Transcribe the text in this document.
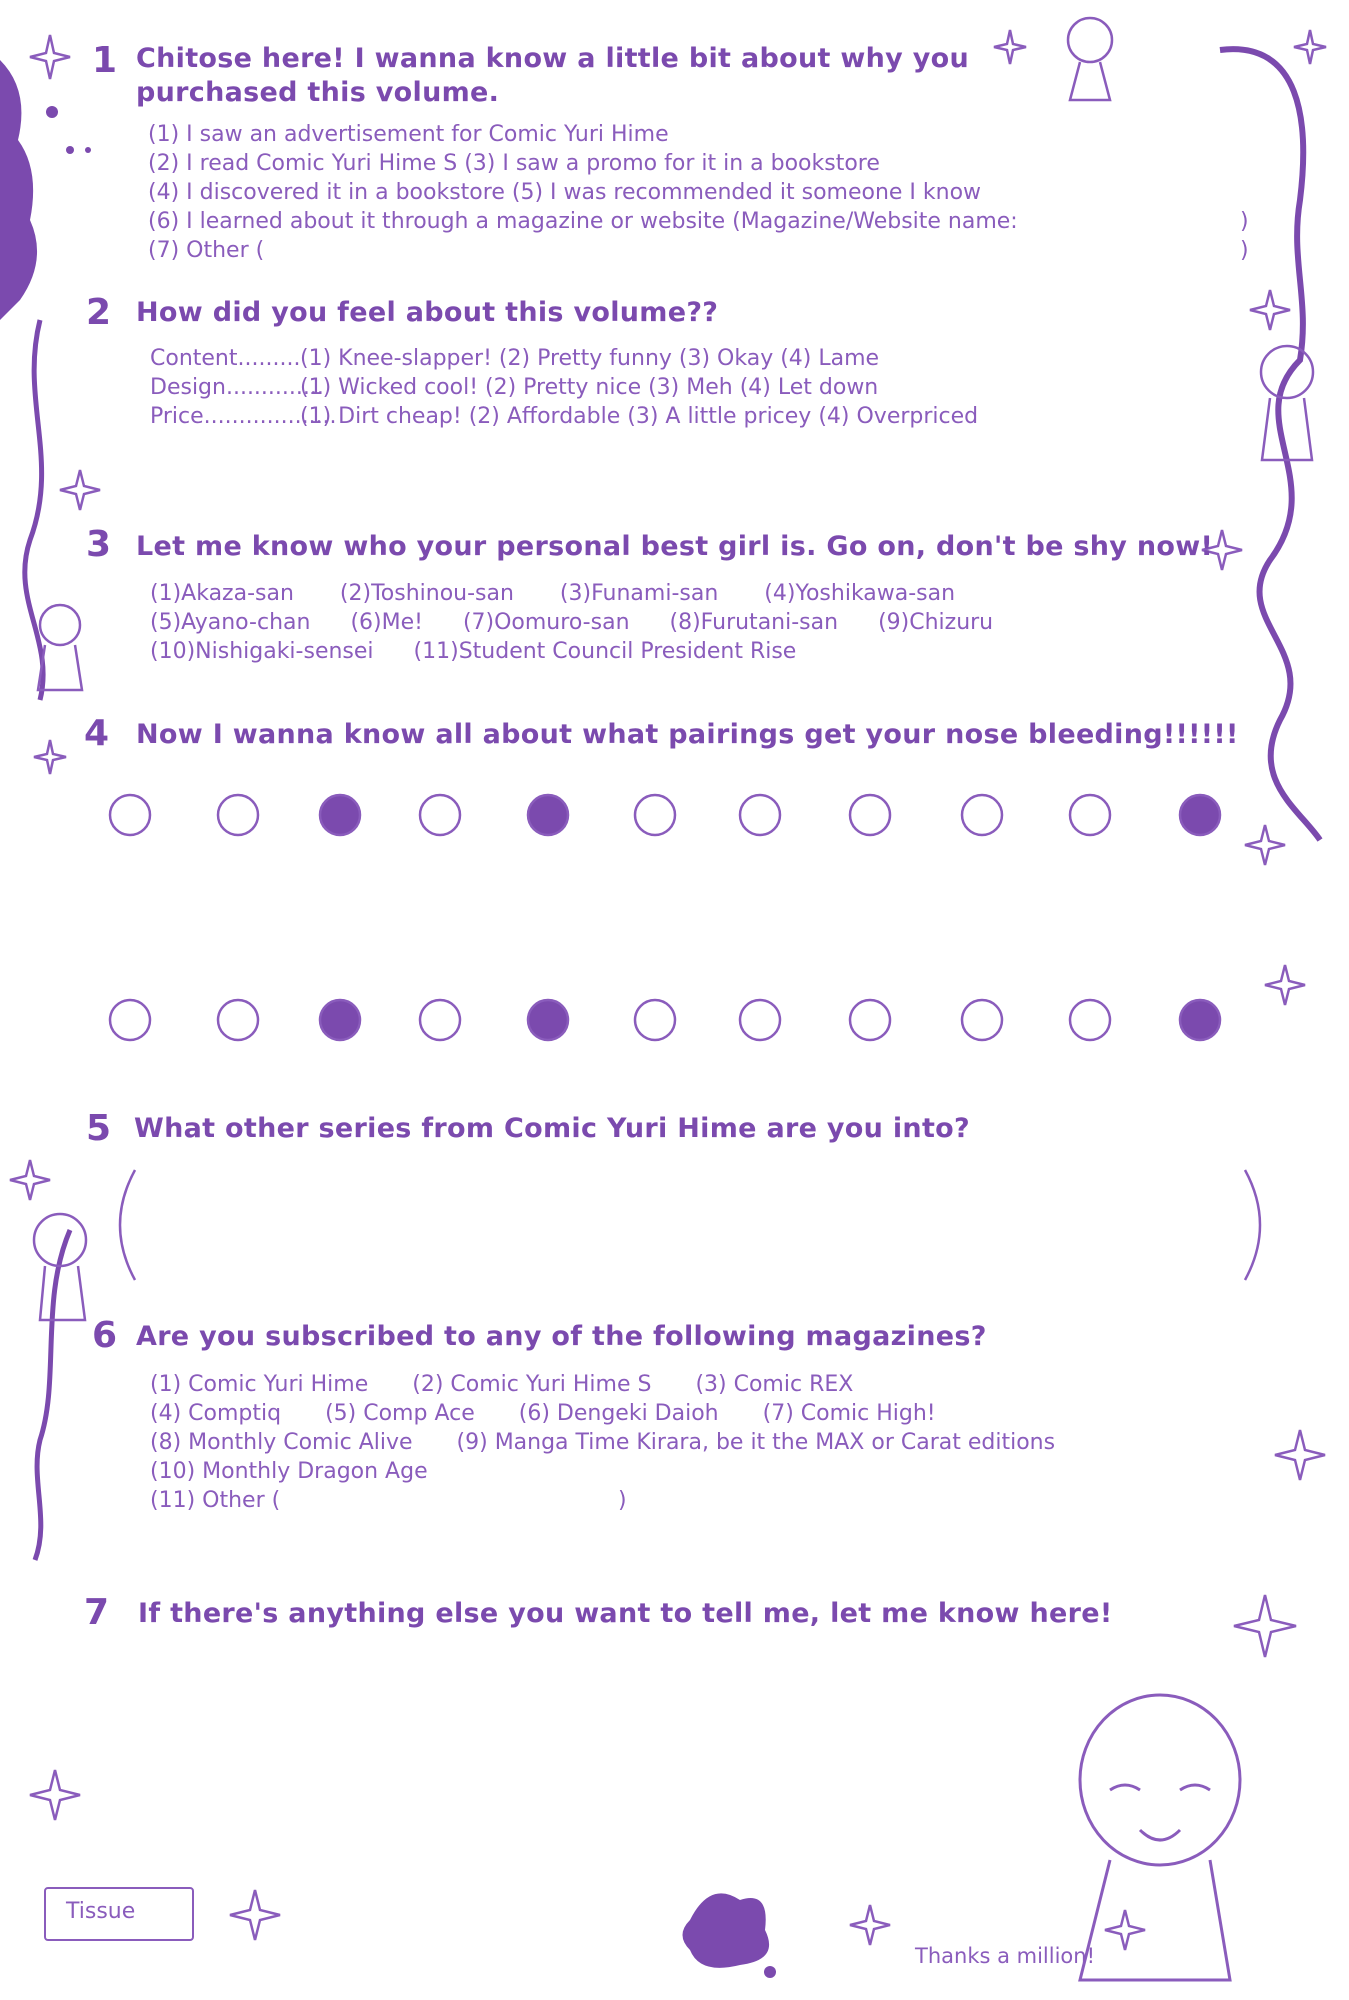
1 Chitose here! I wanna know a little bit about why you
purchased this volume.
(1) I saw an advertisement for Comic Yuri Hime
(2) I read Comic Yuri Hime S (3) I saw a promo for it in a bookstore
(4) I discovered it in a bookstore (5) I was recommended it someone I know
(6) I learned about it through a magazine or website (Magazine/Website name:
(7) Other (
)
)
2 How did you feel about this volume??
Content.........(1) Knee-slapper! (2) Pretty funny (3) Okay (4) Lame
Design..............(1) Wicked cool! (2) Pretty nice (3) Meh (4) Let down
Price...................(1) Dirt cheap! (2) Affordable (3) A little pricey (4) Overpriced
3 Let me know who your personal best girl is. Go on, don't be shy now!
(1)Akaza-san (2)Toshinou-san (3)Funami-san (4)Yoshikawa-san
(5)Ayano-chan (6)Me! (7)Oomuro-san (8)Furutani-san (9)Chizuru
(10)Nishigaki-sensei (11)Student Council President Rise
4 Now I wanna know all about what pairings get your nose bleeding!!!!!!
5 What other series from Comic Yuri Hime are you into?
6 Are you subscribed to any of the following magazines?
(1) Comic Yuri Hime (2) Comic Yuri Hime S (3) Comic REX
(4) Comptiq (5) Comp Ace (6) Dengeki Daioh (7) Comic High!
(8) Monthly Comic Alive (9) Manga Time Kirara, be it the MAX or Carat editions
(10) Monthly Dragon Age
(11) Other (	)
7 If there's anything else you want to tell me, let me know here!
Tissue
Thanks a million!
